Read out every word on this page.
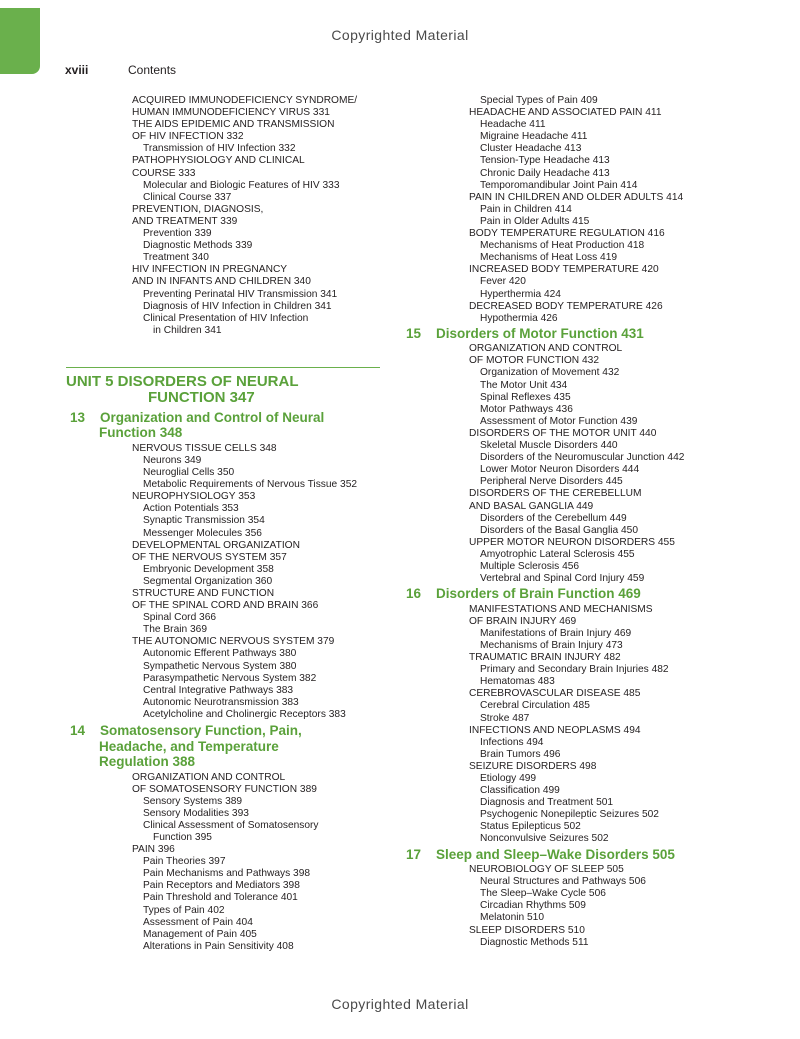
Copyrighted Material
xviii	Contents
ACQUIRED IMMUNODEFICIENCY SYNDROME/
HUMAN IMMUNODEFICIENCY VIRUS 331
THE AIDS EPIDEMIC AND TRANSMISSION
OF HIV INFECTION 332
Transmission of HIV Infection 332
PATHOPHYSIOLOGY AND CLINICAL
COURSE 333
Molecular and Biologic Features of HIV 333
Clinical Course 337
PREVENTION, DIAGNOSIS,
AND TREATMENT 339
Prevention 339
Diagnostic Methods 339
Treatment 340
HIV INFECTION IN PREGNANCY
AND IN INFANTS AND CHILDREN 340
Preventing Perinatal HIV Transmission 341
Diagnosis of HIV Infection in Children 341
Clinical Presentation of HIV Infection
in Children 341
UNIT 5 DISORDERS OF NEURAL
FUNCTION 347
13 Organization and Control of Neural
Function 348
NERVOUS TISSUE CELLS 348
Neurons 349
Neuroglial Cells 350
Metabolic Requirements of Nervous Tissue 352
NEUROPHYSIOLOGY 353
Action Potentials 353
Synaptic Transmission 354
Messenger Molecules 356
DEVELOPMENTAL ORGANIZATION
OF THE NERVOUS SYSTEM 357
Embryonic Development 358
Segmental Organization 360
STRUCTURE AND FUNCTION
OF THE SPINAL CORD AND BRAIN 366
Spinal Cord 366
The Brain 369
THE AUTONOMIC NERVOUS SYSTEM 379
Autonomic Efferent Pathways 380
Sympathetic Nervous System 380
Parasympathetic Nervous System 382
Central Integrative Pathways 383
Autonomic Neurotransmission 383
Acetylcholine and Cholinergic Receptors 383
14 Somatosensory Function, Pain,
Headache, and Temperature
Regulation 388
ORGANIZATION AND CONTROL
OF SOMATOSENSORY FUNCTION 389
Sensory Systems 389
Sensory Modalities 393
Clinical Assessment of Somatosensory
Function 395
PAIN 396
Pain Theories 397
Pain Mechanisms and Pathways 398
Pain Receptors and Mediators 398
Pain Threshold and Tolerance 401
Types of Pain 402
Assessment of Pain 404
Management of Pain 405
Alterations in Pain Sensitivity 408
Special Types of Pain 409
HEADACHE AND ASSOCIATED PAIN 411
Headache 411
Migraine Headache 411
Cluster Headache 413
Tension-Type Headache 413
Chronic Daily Headache 413
Temporomandibular Joint Pain 414
PAIN IN CHILDREN AND OLDER ADULTS 414
Pain in Children 414
Pain in Older Adults 415
BODY TEMPERATURE REGULATION 416
Mechanisms of Heat Production 418
Mechanisms of Heat Loss 419
INCREASED BODY TEMPERATURE 420
Fever 420
Hyperthermia 424
DECREASED BODY TEMPERATURE 426
Hypothermia 426
15 Disorders of Motor Function 431
ORGANIZATION AND CONTROL
OF MOTOR FUNCTION 432
Organization of Movement 432
The Motor Unit 434
Spinal Reflexes 435
Motor Pathways 436
Assessment of Motor Function 439
DISORDERS OF THE MOTOR UNIT 440
Skeletal Muscle Disorders 440
Disorders of the Neuromuscular Junction 442
Lower Motor Neuron Disorders 444
Peripheral Nerve Disorders 445
DISORDERS OF THE CEREBELLUM
AND BASAL GANGLIA 449
Disorders of the Cerebellum 449
Disorders of the Basal Ganglia 450
UPPER MOTOR NEURON DISORDERS 455
Amyotrophic Lateral Sclerosis 455
Multiple Sclerosis 456
Vertebral and Spinal Cord Injury 459
16 Disorders of Brain Function 469
MANIFESTATIONS AND MECHANISMS
OF BRAIN INJURY 469
Manifestations of Brain Injury 469
Mechanisms of Brain Injury 473
TRAUMATIC BRAIN INJURY 482
Primary and Secondary Brain Injuries 482
Hematomas 483
CEREBROVASCULAR DISEASE 485
Cerebral Circulation 485
Stroke 487
INFECTIONS AND NEOPLASMS 494
Infections 494
Brain Tumors 496
SEIZURE DISORDERS 498
Etiology 499
Classification 499
Diagnosis and Treatment 501
Psychogenic Nonepileptic Seizures 502
Status Epilepticus 502
Nonconvulsive Seizures 502
17 Sleep and Sleep–Wake Disorders 505
NEUROBIOLOGY OF SLEEP 505
Neural Structures and Pathways 506
The Sleep–Wake Cycle 506
Circadian Rhythms 509
Melatonin 510
SLEEP DISORDERS 510
Diagnostic Methods 511
Copyrighted Material
